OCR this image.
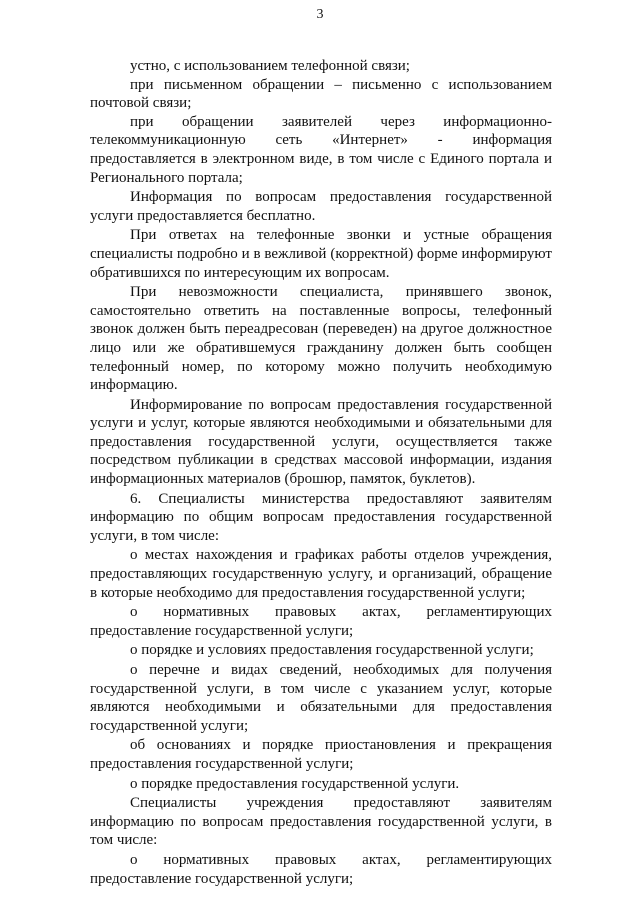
3

устно, с использованием телефонной связи;

при письменном обращении – письменно с использованием почтовой связи;

при обращении заявителей через информационно-телекоммуникационную сеть «Интернет» - информация предоставляется в электронном виде, в том числе с Единого портала и Регионального портала;

Информация по вопросам предоставления государственной услуги предоставляется бесплатно.

При ответах на телефонные звонки и устные обращения специалисты подробно и в вежливой (корректной) форме информируют обратившихся по интересующим их вопросам.

При невозможности специалиста, принявшего звонок, самостоятельно ответить на поставленные вопросы, телефонный звонок должен быть переадресован (переведен) на другое должностное лицо или же обратившемуся гражданину должен быть сообщен телефонный номер, по которому можно получить необходимую информацию.

Информирование по вопросам предоставления государственной услуги и услуг, которые являются необходимыми и обязательными для предоставления государственной услуги, осуществляется также посредством публикации в средствах массовой информации, издания информационных материалов (брошюр, памяток, буклетов).

6. Специалисты министерства предоставляют заявителям информацию по общим вопросам предоставления государственной услуги, в том числе:

о местах нахождения и графиках работы отделов учреждения, предоставляющих государственную услугу, и организаций, обращение в которые необходимо для предоставления государственной услуги;

о нормативных правовых актах, регламентирующих предоставление государственной услуги;

о порядке и условиях предоставления государственной услуги;

о перечне и видах сведений, необходимых для получения государственной услуги, в том числе с указанием услуг, которые являются необходимыми и обязательными для предоставления государственной услуги;

об основаниях и порядке приостановления и прекращения предоставления государственной услуги;

о порядке предоставления государственной услуги.

Специалисты учреждения предоставляют заявителям информацию по вопросам предоставления государственной услуги, в том числе:

о нормативных правовых актах, регламентирующих предоставление государственной услуги;
